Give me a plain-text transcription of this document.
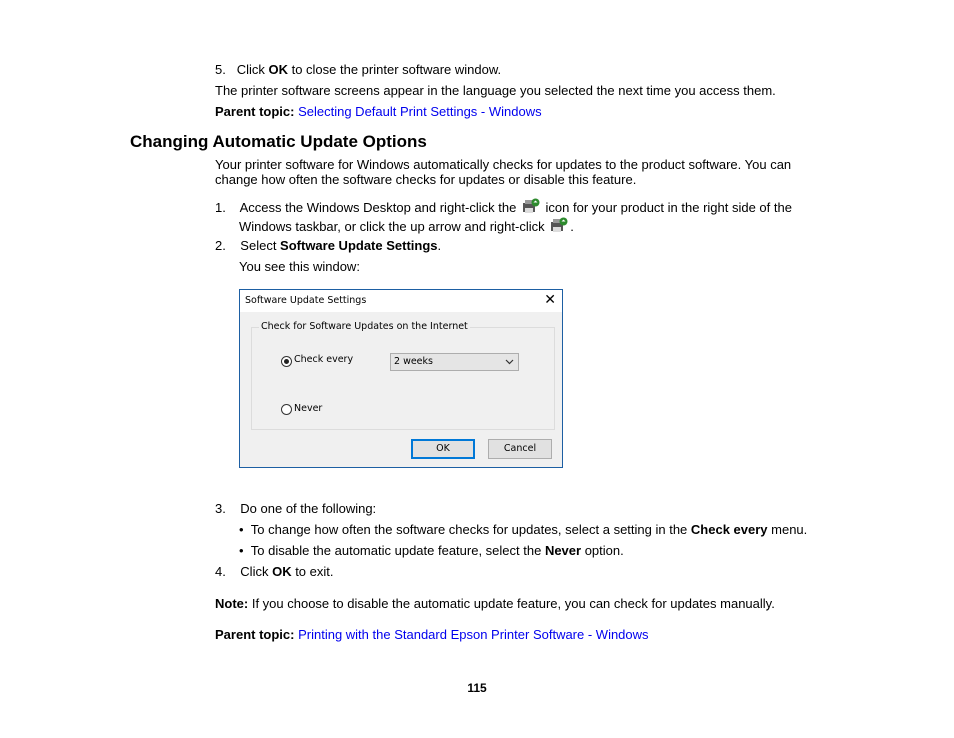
5. Click OK to close the printer software window.
The printer software screens appear in the language you selected the next time you access them.
Parent topic: Selecting Default Print Settings - Windows
Changing Automatic Update Options
Your printer software for Windows automatically checks for updates to the product software. You can
change how often the software checks for updates or disable this feature.
1. Access the Windows Desktop and right-click the  icon for your product in the right side of the
Windows taskbar, or click the up arrow and right-click .
2. Select Software Update Settings.
You see this window:
Software Update Settings	✕
Check for Software Updates on the Internet
Check every
Never
2 weeks
OK	Cancel
3. Do one of the following:
• To change how often the software checks for updates, select a setting in the Check every menu.
• To disable the automatic update feature, select the Never option.
4. Click OK to exit.
Note: If you choose to disable the automatic update feature, you can check for updates manually.
Parent topic: Printing with the Standard Epson Printer Software - Windows
115
